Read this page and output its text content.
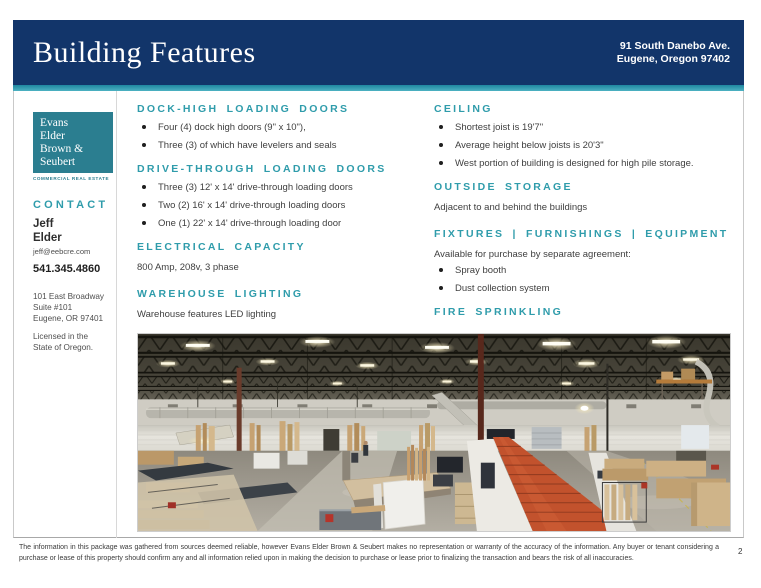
Building Features	91 South Danebo Ave.
Eugene, Oregon 97402
Evans
Elder
Brown &
Seubert
COMMERCIAL REAL ESTATE
CONTACT
Jeff
Elder
jeff@eebcre.com
541.345.4860
101 East Broadway
Suite #101
Eugene, OR 97401
Licensed in the
State of Oregon.
DOCK-HIGH LOADING DOORS
Four (4) dock high doors (9" x 10"),
Three (3) of which have levelers and seals
DRIVE-THROUGH LOADING DOORS
Three (3) 12' x 14' drive-through loading doors
Two (2) 16' x 14' drive-through loading doors
One (1) 22' x 14' drive-through loading door
ELECTRICAL CAPACITY
800 Amp, 208v, 3 phase
WAREHOUSE LIGHTING
Warehouse features LED lighting
CEILING
Shortest joist is 19'7"
Average height below joists is 20'3"
West portion of building is designed for high pile storage.
OUTSIDE STORAGE
Adjacent to and behind the buildings
FIXTURES | FURNISHINGS | EQUIPMENT
Available for purchase by separate agreement:
Spray booth
Dust collection system
FIRE SPRINKLING
The information in this package was gathered from sources deemed reliable, however Evans Elder Brown & Seubert makes no representation or warranty of the accuracy of the information. Any buyer or tenant considering a purchase or lease of this property should confirm any and all information relied upon in making the decision to purchase or lease prior to finalizing the transaction and bears the risk of all inaccuracies.
2
